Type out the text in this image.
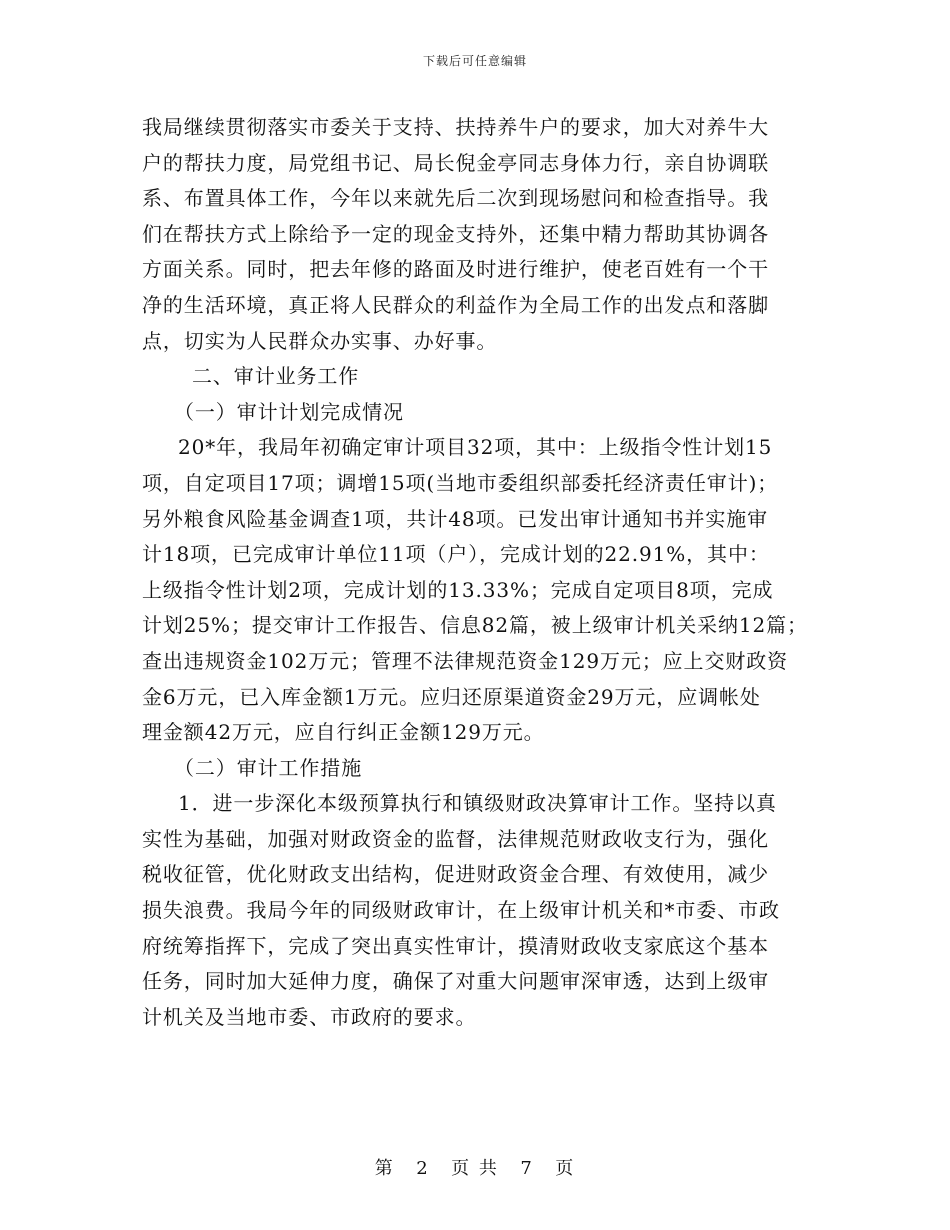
下载后可任意编辑
我局继续贯彻落实市委关于支持、扶持养牛户的要求，加大对养牛大
户的帮扶力度，局党组书记、局长倪金亭同志身体力行，亲自协调联
系、布置具体工作，今年以来就先后二次到现场慰问和检查指导。我
们在帮扶方式上除给予一定的现金支持外，还集中精力帮助其协调各
方面关系。同时，把去年修的路面及时进行维护，使老百姓有一个干
净的生活环境，真正将人民群众的利益作为全局工作的出发点和落脚
点，切实为人民群众办实事、办好事。
二、审计业务工作
（一）审计计划完成情况
20*年，我局年初确定审计项目32项，其中：上级指令性计划15
项，自定项目17项；调增15项(当地市委组织部委托经济责任审计)；
另外粮食风险基金调查1项，共计48项。已发出审计通知书并实施审
计18项，已完成审计单位11项（户），完成计划的22.91%，其中：
上级指令性计划2项，完成计划的13.33%；完成自定项目8项，完成
计划25%；提交审计工作报告、信息82篇，被上级审计机关采纳12篇；
查出违规资金102万元；管理不法律规范资金129万元；应上交财政资
金6万元，已入库金额1万元。应归还原渠道资金29万元，应调帐处
理金额42万元，应自行纠正金额129万元。
（二）审计工作措施
1．进一步深化本级预算执行和镇级财政决算审计工作。坚持以真
实性为基础，加强对财政资金的监督，法律规范财政收支行为，强化
税收征管，优化财政支出结构，促进财政资金合理、有效使用，减少
损失浪费。我局今年的同级财政审计，在上级审计机关和*市委、市政
府统筹指挥下，完成了突出真实性审计，摸清财政收支家底这个基本
任务，同时加大延伸力度，确保了对重大问题审深审透，达到上级审
计机关及当地市委、市政府的要求。
第 2 页 共 7 页
